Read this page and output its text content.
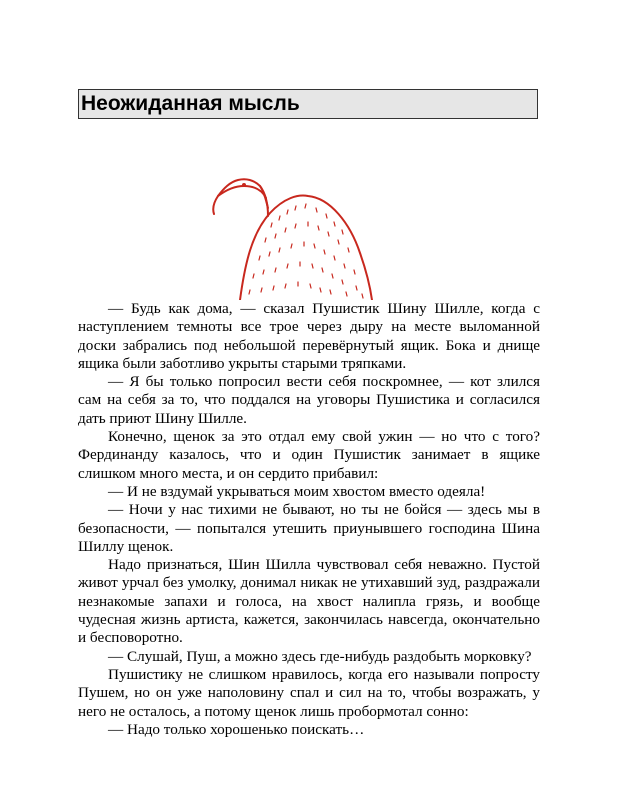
Неожиданная мысль

— Будь как дома, — сказал Пушистик Шину Шилле, когда с наступлением темноты все трое через дыру на месте выломанной доски забрались под небольшой перевёрнутый ящик. Бока и днище ящика были заботливо укрыты старыми тряпками.

— Я бы только попросил вести себя поскромнее, — кот злился сам на себя за то, что поддался на уговоры Пушистика и согласился дать приют Шину Шилле.

Конечно, щенок за это отдал ему свой ужин — но что с того? Фердинанду казалось, что и один Пушистик занимает в ящике слишком много места, и он сердито прибавил:

— И не вздумай укрываться моим хвостом вместо одеяла!

— Ночи у нас тихими не бывают, но ты не бойся — здесь мы в безопасности, — попытался утешить приунывшего господина Шина Шиллу щенок.

Надо признаться, Шин Шилла чувствовал себя неважно. Пустой живот урчал без умолку, донимал никак не утихавший зуд, раздражали незнакомые запахи и голоса, на хвост налипла грязь, и вообще чудесная жизнь артиста, кажется, закончилась навсегда, окончательно и бесповоротно.

— Слушай, Пуш, а можно здесь где-нибудь раздобыть морковку?

Пушистику не слишком нравилось, когда его называли попросту Пушем, но он уже наполовину спал и сил на то, чтобы возражать, у него не осталось, а потому щенок лишь пробормотал сонно:

— Надо только хорошенько поискать…
